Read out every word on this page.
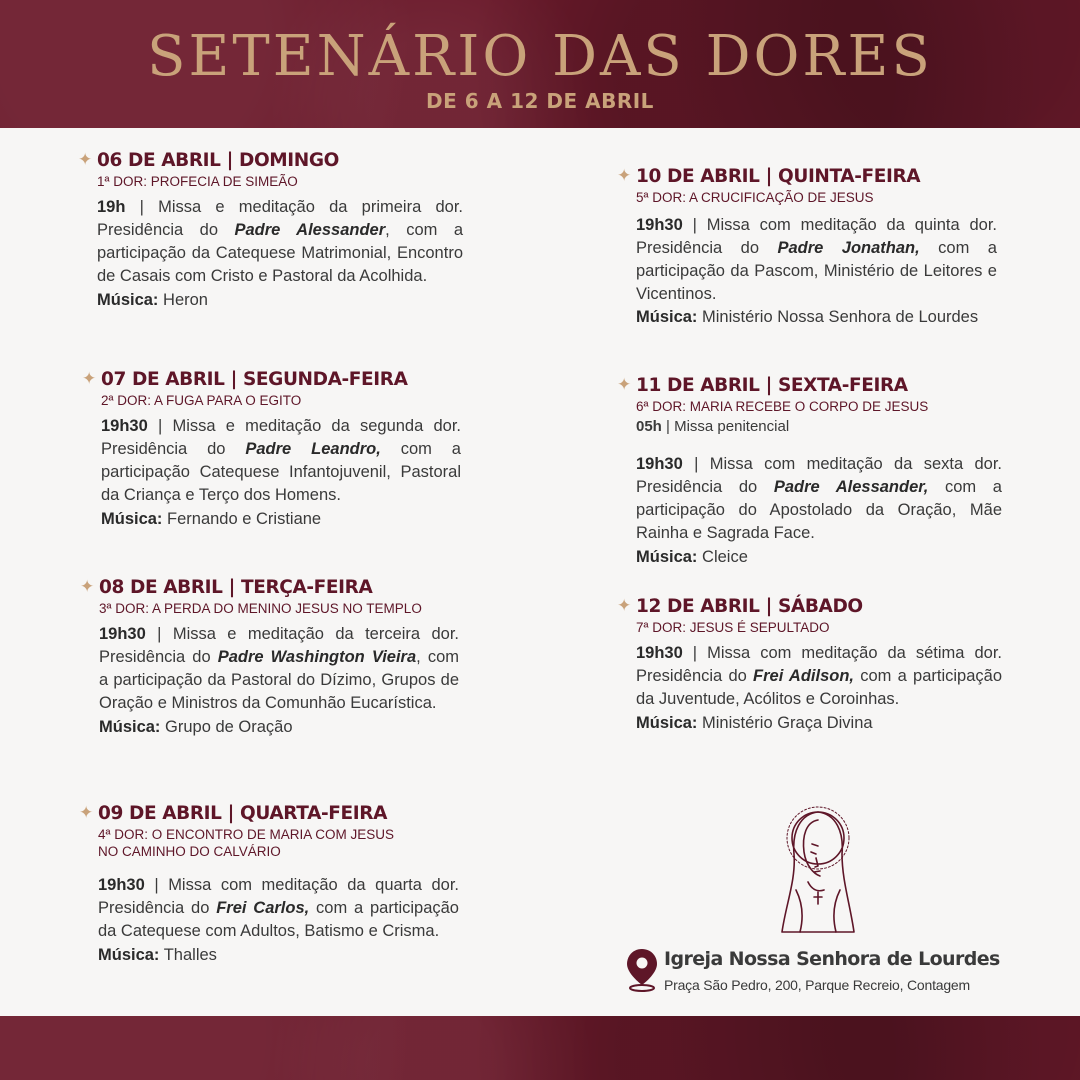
SETENÁRIO DAS DORES
DE 6 A 12 DE ABRIL
✦ 06 DE ABRIL | DOMINGO
1ª DOR: PROFECIA DE SIMEÃO
19h | Missa e meditação da primeira dor. Presidência do Padre Alessander, com a participação da Catequese Matrimonial, Encontro de Casais com Cristo e Pastoral da Acolhida.
Música: Heron
✦ 07 DE ABRIL | SEGUNDA-FEIRA
2ª DOR: A FUGA PARA O EGITO
19h30 | Missa e meditação da segunda dor. Presidência do Padre Leandro, com a participação Catequese Infantojuvenil, Pastoral da Criança e Terço dos Homens.
Música: Fernando e Cristiane
✦ 08 DE ABRIL | TERÇA-FEIRA
3ª DOR: A PERDA DO MENINO JESUS NO TEMPLO
19h30 | Missa e meditação da terceira dor. Presidência do Padre Washington Vieira, com a participação da Pastoral do Dízimo, Grupos de Oração e Ministros da Comunhão Eucarística.
Música: Grupo de Oração
✦ 09 DE ABRIL | QUARTA-FEIRA
4ª DOR: O ENCONTRO DE MARIA COM JESUS NO CAMINHO DO CALVÁRIO
19h30 | Missa com meditação da quarta dor. Presidência do Frei Carlos, com a participação da Catequese com Adultos, Batismo e Crisma.
Música: Thalles
✦ 10 DE ABRIL | QUINTA-FEIRA
5ª DOR: A CRUCIFICAÇÃO DE JESUS
19h30 | Missa com meditação da quinta dor. Presidência do Padre Jonathan, com a participação da Pascom, Ministério de Leitores e Vicentinos.
Música: Ministério Nossa Senhora de Lourdes
✦ 11 DE ABRIL | SEXTA-FEIRA
6ª DOR: MARIA RECEBE O CORPO DE JESUS
05h | Missa penitencial
19h30 | Missa com meditação da sexta dor. Presidência do Padre Alessander, com a participação do Apostolado da Oração, Mãe Rainha e Sagrada Face.
Música: Cleice
✦ 12 DE ABRIL | SÁBADO
7ª DOR: JESUS É SEPULTADO
19h30 | Missa com meditação da sétima dor. Presidência do Frei Adilson, com a participação da Juventude, Acólitos e Coroinhas.
Música: Ministério Graça Divina
Igreja Nossa Senhora de Lourdes
Praça São Pedro, 200, Parque Recreio, Contagem
